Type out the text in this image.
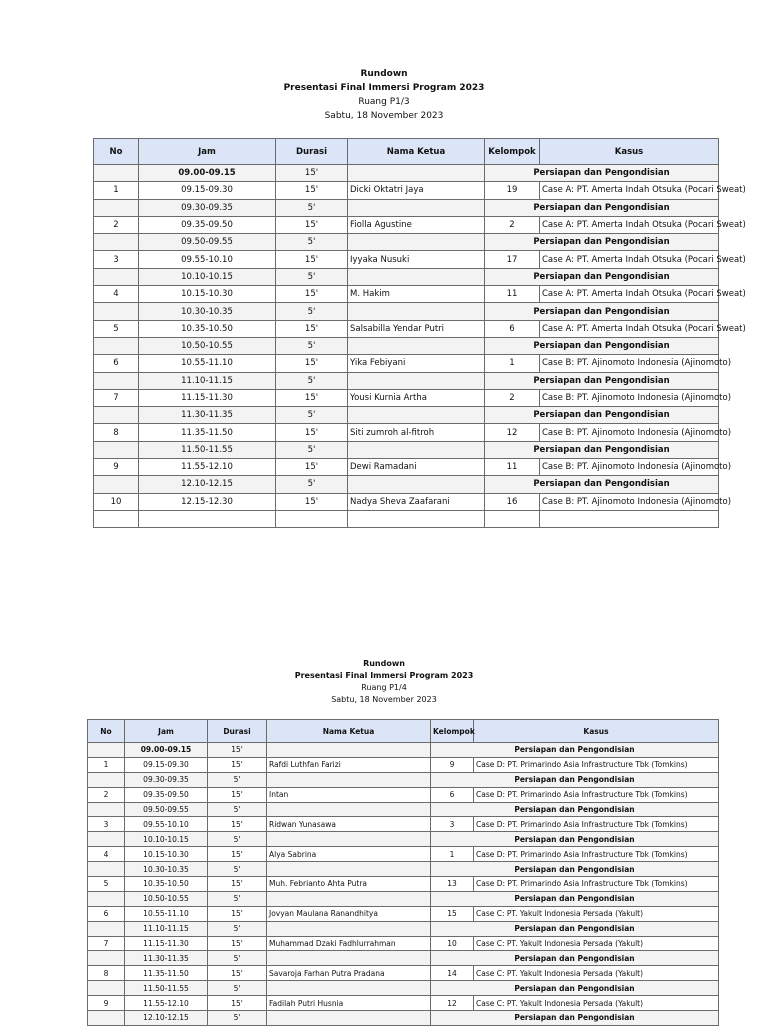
Rundown
Presentasi Final Immersi Program 2023
Ruang P1/3
Sabtu, 18 November 2023
No	Jam	Durasi	Nama Ketua	Kelompok	Kasus
	09.00-09.15	15'		Persiapan dan Pengondisian	
1	09.15-09.30	15'	Dicki Oktatri Jaya	19	Case A: PT. Amerta Indah Otsuka (Pocari Sweat)
	09.30-09.35	5'		Persiapan dan Pengondisian	
2	09.35-09.50	15'	Fiolla Agustine	2	Case A: PT. Amerta Indah Otsuka (Pocari Sweat)
	09.50-09.55	5'		Persiapan dan Pengondisian	
3	09.55-10.10	15'	Iyyaka Nusuki	17	Case A: PT. Amerta Indah Otsuka (Pocari Sweat)
	10.10-10.15	5'		Persiapan dan Pengondisian	
4	10.15-10.30	15'	M. Hakim	11	Case A: PT. Amerta Indah Otsuka (Pocari Sweat)
	10.30-10.35	5'		Persiapan dan Pengondisian	
5	10.35-10.50	15'	Salsabilla Yendar Putri	6	Case A: PT. Amerta Indah Otsuka (Pocari Sweat)
	10.50-10.55	5'		Persiapan dan Pengondisian	
6	10.55-11.10	15'	Yika Febiyani	1	Case B: PT. Ajinomoto Indonesia (Ajinomoto)
	11.10-11.15	5'		Persiapan dan Pengondisian	
7	11.15-11.30	15'	Yousi Kurnia Artha	2	Case B: PT. Ajinomoto Indonesia (Ajinomoto)
	11.30-11.35	5'		Persiapan dan Pengondisian	
8	11.35-11.50	15'	Siti zumroh al-fitroh	12	Case B: PT. Ajinomoto Indonesia (Ajinomoto)
	11.50-11.55	5'		Persiapan dan Pengondisian	
9	11.55-12.10	15'	Dewi Ramadani	11	Case B: PT. Ajinomoto Indonesia (Ajinomoto)
	12.10-12.15	5'		Persiapan dan Pengondisian	
10	12.15-12.30	15'	Nadya Sheva Zaafarani	16	Case B: PT. Ajinomoto Indonesia (Ajinomoto)

Rundown
Presentasi Final Immersi Program 2023
Ruang P1/4
Sabtu, 18 November 2023
No	Jam	Durasi	Nama Ketua	Kelompok	Kasus
	09.00-09.15	15'		Persiapan dan Pengondisian	
1	09.15-09.30	15'	Rafdi Luthfan Farizi	9	Case D: PT. Primarindo Asia Infrastructure Tbk (Tomkins)
	09.30-09.35	5'		Persiapan dan Pengondisian	
2	09.35-09.50	15'	Intan	6	Case D: PT. Primarindo Asia Infrastructure Tbk (Tomkins)
	09.50-09.55	5'		Persiapan dan Pengondisian	
3	09.55-10.10	15'	Ridwan Yunasawa	3	Case D: PT. Primarindo Asia Infrastructure Tbk (Tomkins)
	10.10-10.15	5'		Persiapan dan Pengondisian	
4	10.15-10.30	15'	Alya Sabrina	1	Case D: PT. Primarindo Asia Infrastructure Tbk (Tomkins)
	10.30-10.35	5'		Persiapan dan Pengondisian	
5	10.35-10.50	15'	Muh. Febrianto Ahta Putra	13	Case D: PT. Primarindo Asia Infrastructure Tbk (Tomkins)
	10.50-10.55	5'		Persiapan dan Pengondisian	
6	10.55-11.10	15'	Jovyan Maulana Ranandhitya	15	Case C: PT. Yakult Indonesia Persada (Yakult)
	11.10-11.15	5'		Persiapan dan Pengondisian	
7	11.15-11.30	15'	Muhammad Dzaki Fadhlurrahman	10	Case C: PT. Yakult Indonesia Persada (Yakult)
	11.30-11.35	5'		Persiapan dan Pengondisian	
8	11.35-11.50	15'	Savaroja Farhan Putra Pradana	14	Case C: PT. Yakult Indonesia Persada (Yakult)
	11.50-11.55	5'		Persiapan dan Pengondisian	
9	11.55-12.10	15'	Fadilah Putri Husnia	12	Case C: PT. Yakult Indonesia Persada (Yakult)
	12.10-12.15	5'		Persiapan dan Pengondisian	
